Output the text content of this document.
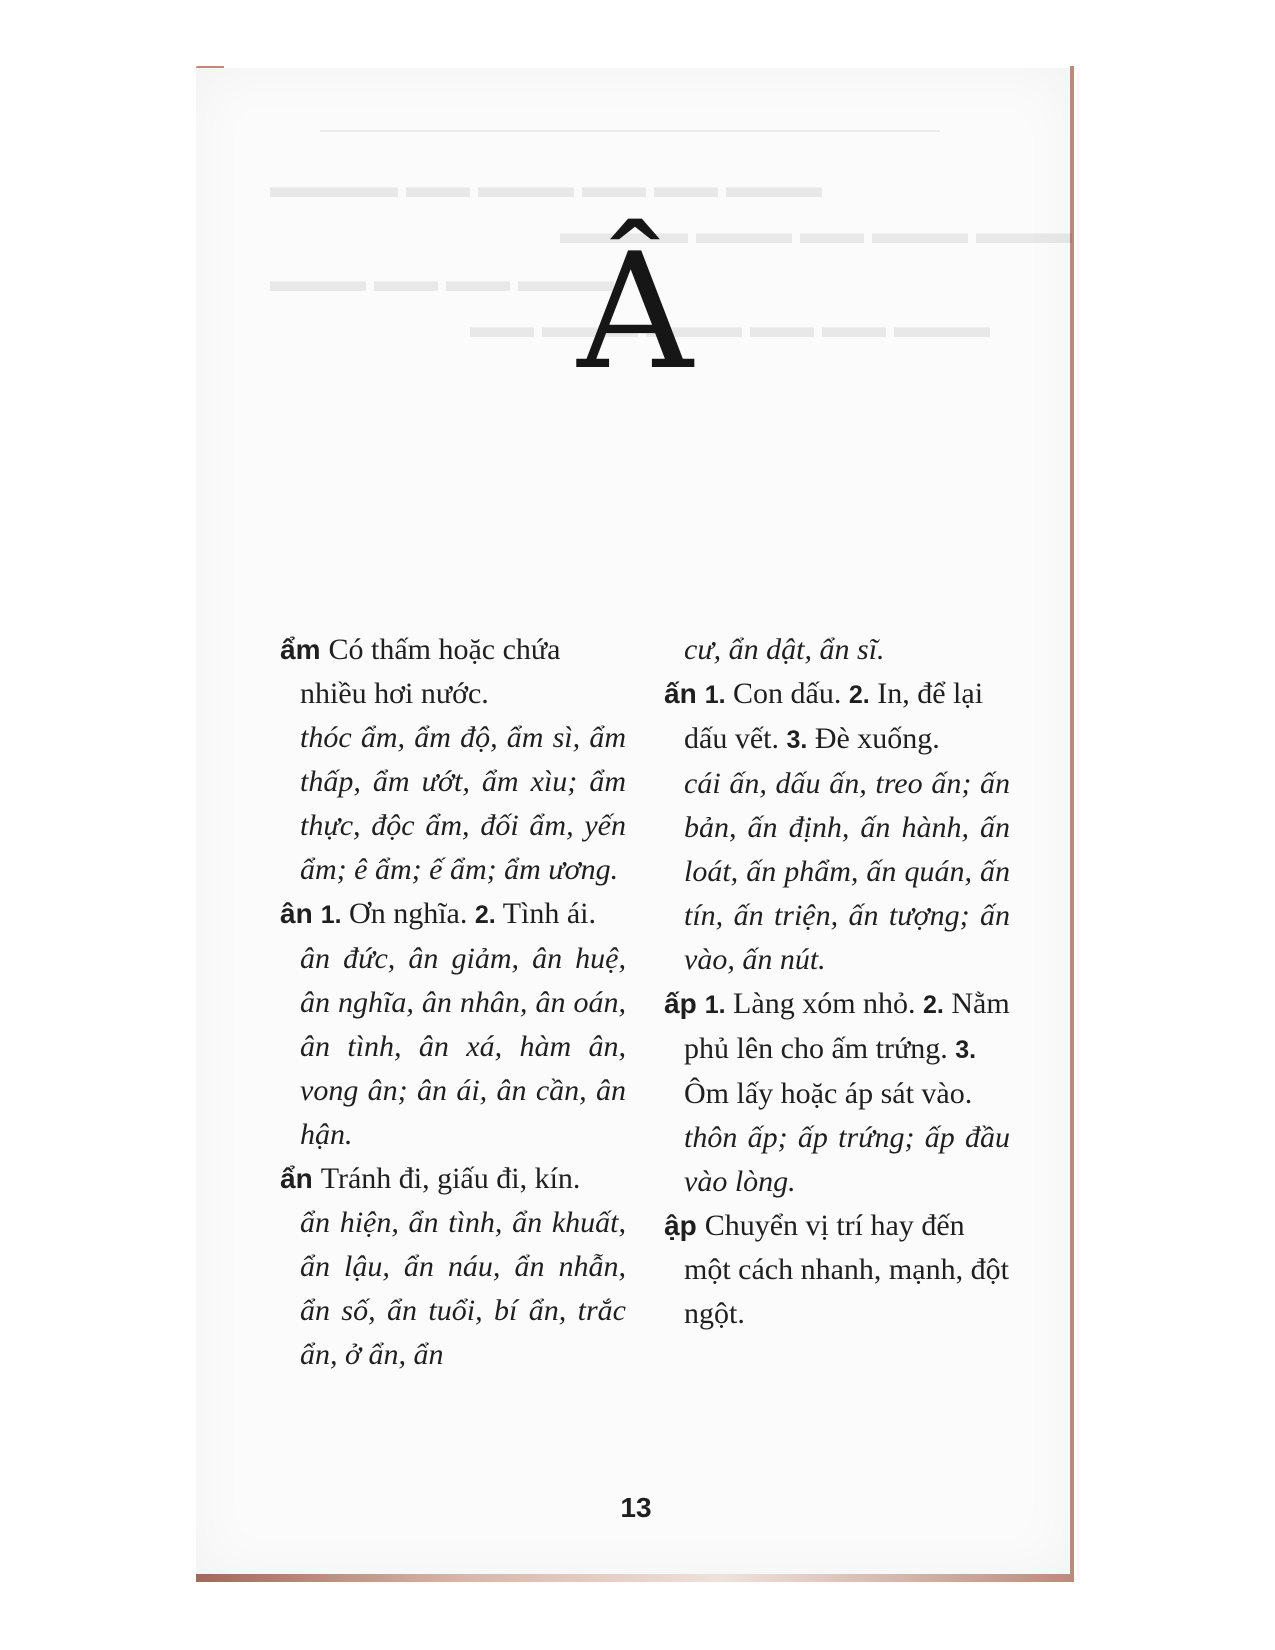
▬▬▬ ▬▬ ▬▬ ▬▬▬ ▬▬ ▬▬▬▬
▬▬▬ ▬▬▬ ▬▬ ▬▬▬ ▬▬▬▬
▬▬▬ ▬▬ ▬▬ ▬▬▬
▬▬▬ ▬▬ ▬▬ ▬▬▬ ▬▬▬ ▬▬
Â
ẩm Có thấm hoặc chứa nhiều hơi nước.
thóc ẩm, ẩm độ, ẩm sì, ẩm thấp, ẩm ướt, ẩm xìu; ẩm thực, độc ẩm, đối ẩm, yến ẩm; ê ẩm; ế ẩm; ẩm ương.
ân 1. Ơn nghĩa. 2. Tình ái.
ân đức, ân giảm, ân huệ, ân nghĩa, ân nhân, ân oán, ân tình, ân xá, hàm ân, vong ân; ân ái, ân cần, ân hận.
ẩn Tránh đi, giấu đi, kín.
ẩn hiện, ẩn tình, ẩn khuất, ẩn lậu, ẩn náu, ẩn nhẫn, ẩn số, ẩn tuổi, bí ẩn, trắc ẩn, ở ẩn, ẩn
cư, ẩn dật, ẩn sĩ.
ấn 1. Con dấu. 2. In, để lại dấu vết. 3. Đè xuống.
cái ấn, dấu ấn, treo ấn; ấn bản, ấn định, ấn hành, ấn loát, ấn phẩm, ấn quán, ấn tín, ấn triện, ấn tượng; ấn vào, ấn nút.
ấp 1. Làng xóm nhỏ. 2. Nằm phủ lên cho ấm trứng. 3. Ôm lấy hoặc áp sát vào.
thôn ấp; ấp trứng; ấp đầu vào lòng.
ập Chuyển vị trí hay đến một cách nhanh, mạnh, đột ngột.
13
